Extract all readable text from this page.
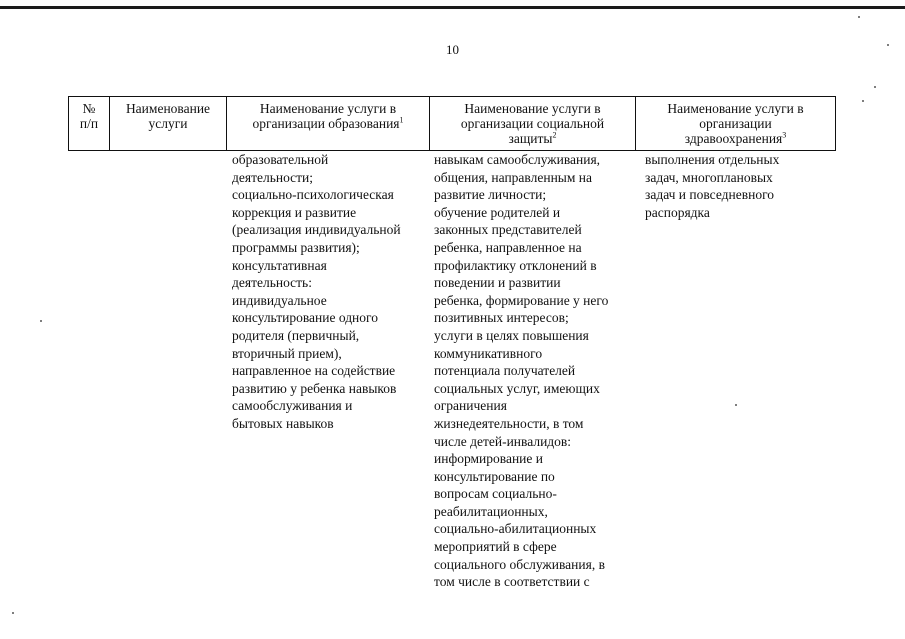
10
№
п/п
Наименование
услуги
Наименование услуги в
организации образования$^1$
Наименование услуги в
организации социальной
защиты$^2$
Наименование услуги в
организации
здравоохранения$^3$
образовательной
деятельности;
социально-психологическая
коррекция и развитие
(реализация индивидуальной
программы развития);
консультативная
деятельность:
индивидуальное
консультирование одного
родителя (первичный,
вторичный прием),
направленное на содействие
развитию у ребенка навыков
самообслуживания и
бытовых навыков
навыкам самообслуживания,
общения, направленным на
развитие личности;
обучение родителей и
законных представителей
ребенка, направленное на
профилактику отклонений в
поведении и развитии
ребенка, формирование у него
позитивных интересов;
услуги в целях повышения
коммуникативного
потенциала получателей
социальных услуг, имеющих
ограничения
жизнедеятельности, в том
числе детей-инвалидов:
информирование и
консультирование по
вопросам социально-
реабилитационных,
социально-абилитационных
мероприятий в сфере
социального обслуживания, в
том числе в соответствии с
выполнения отдельных
задач, многоплановых
задач и повседневного
распорядка
